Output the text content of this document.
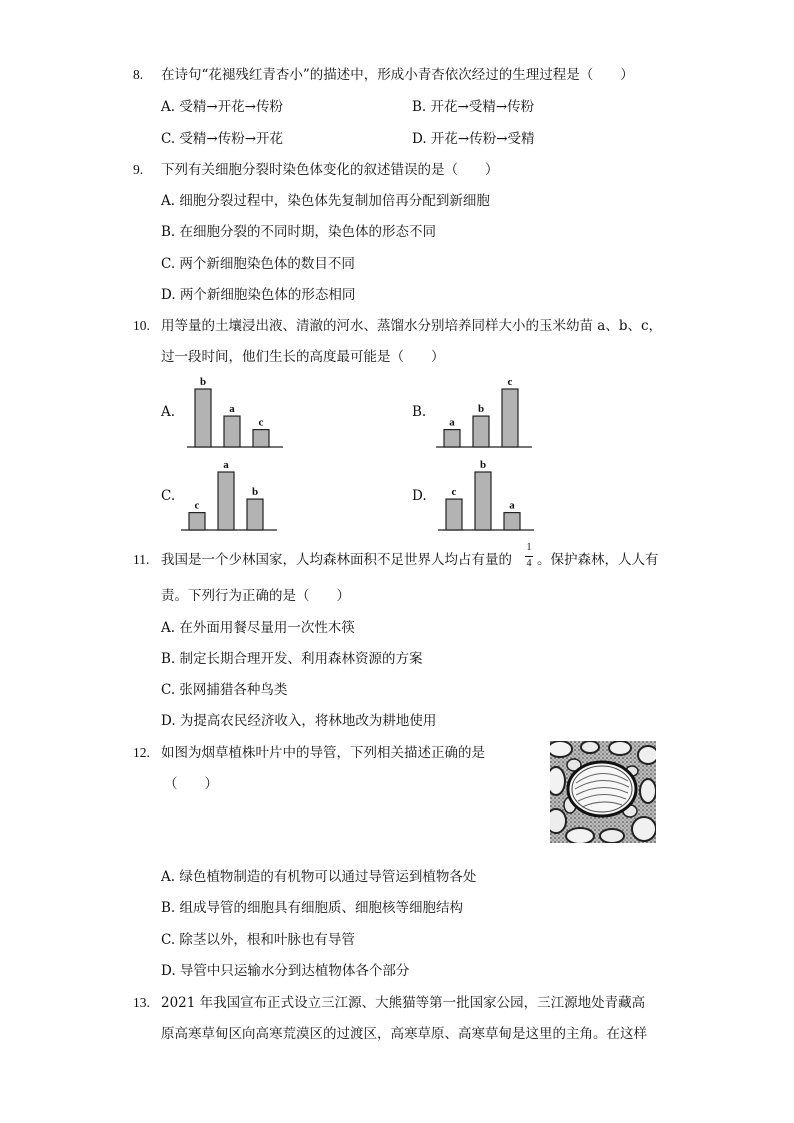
8. 在诗句“花褪残红青杏小”的描述中，形成小青杏依次经过的生理过程是（　　）
A. 受精→开花→传粉	B. 开花→受精→传粉
C. 受精→传粉→开花	D. 开花→传粉→受精
9. 下列有关细胞分裂时染色体变化的叙述错误的是（　　）
A. 细胞分裂过程中，染色体先复制加倍再分配到新细胞
B. 在细胞分裂的不同时期，染色体的形态不同
C. 两个新细胞染色体的数目不同
D. 两个新细胞染色体的形态相同
10. 用等量的土壤浸出液、清澈的河水、蒸馏水分别培养同样大小的玉米幼苗 a、b、c，
过一段时间，他们生长的高度最可能是（　　）
A.
b
a
c
B.
a
b
c
C.
c
a
b	D. c
b
a
11. 我国是一个少林国家，人均森林面积不足世界人均占有量的
1
4 。保护森林，人人有
责。下列行为正确的是（　　）
A. 在外面用餐尽量用一次性木筷
B. 制定长期合理开发、利用森林资源的方案
C. 张网捕猎各种鸟类
D. 为提高农民经济收入，将林地改为耕地使用
12. 如图为烟草植株叶片中的导管，下列相关描述正确的是
（　　）
A. 绿色植物制造的有机物可以通过导管运到植物各处
B. 组成导管的细胞具有细胞质、细胞核等细胞结构
C. 除茎以外，根和叶脉也有导管
D. 导管中只运输水分到达植物体各个部分
13. 2021 年我国宣布正式设立三江源、大熊猫等第一批国家公园，三江源地处青藏高
原高寒草甸区向高寒荒漠区的过渡区，高寒草原、高寒草甸是这里的主角。在这样
